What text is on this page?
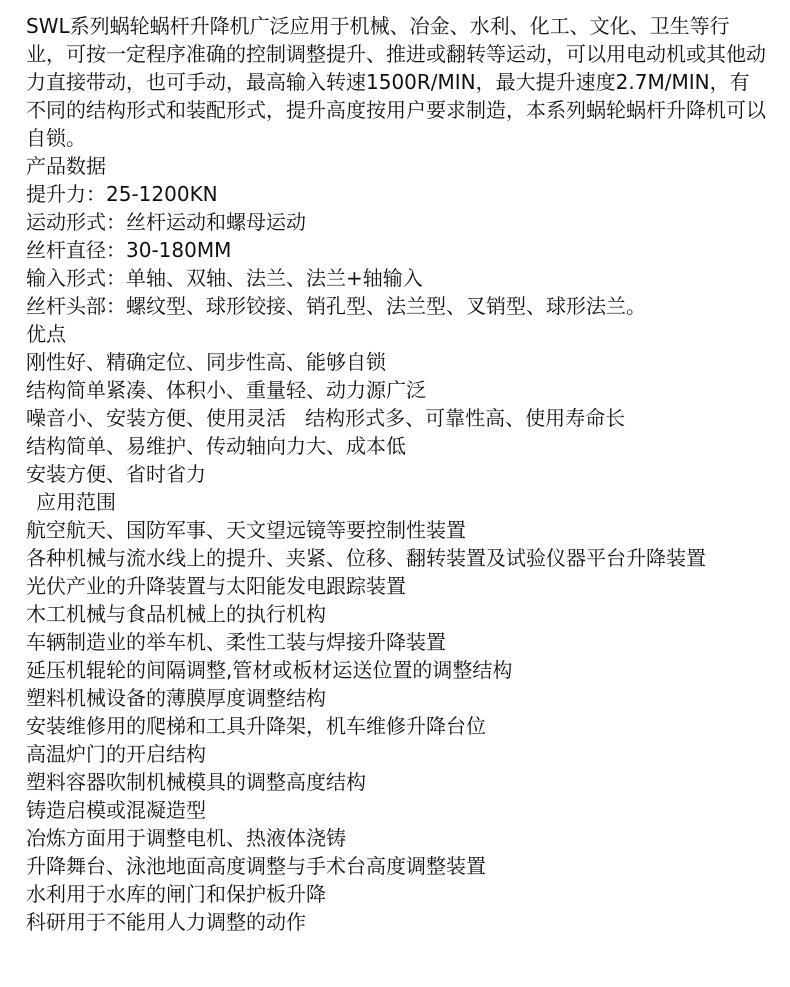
SWL系列蜗轮蜗杆升降机广泛应用于机械、冶金、水利、化工、文化、卫生等行业，可按一定程序准确的控制调整提升、推进或翻转等运动，可以用电动机或其他动力直接带动，也可手动，最高输入转速1500R/MIN，最大提升速度2.7M/MIN，有不同的结构形式和装配形式，提升高度按用户要求制造，本系列蜗轮蜗杆升降机可以自锁。
产品数据
提升力：25-1200KN
运动形式：丝杆运动和螺母运动
丝杆直径：30-180MM
输入形式：单轴、双轴、法兰、法兰+轴输入
丝杆头部：螺纹型、球形铰接、销孔型、法兰型、叉销型、球形法兰。
优点
刚性好、精确定位、同步性高、能够自锁
结构简单紧凑、体积小、重量轻、动力源广泛
噪音小、安装方便、使用灵活   结构形式多、可靠性高、使用寿命长
结构简单、易维护、传动轴向力大、成本低
安装方便、省时省力
应用范围
航空航天、国防军事、天文望远镜等要控制性装置
各种机械与流水线上的提升、夹紧、位移、翻转装置及试验仪器平台升降装置
光伏产业的升降装置与太阳能发电跟踪装置
木工机械与食品机械上的执行机构
车辆制造业的举车机、柔性工装与焊接升降装置
延压机辊轮的间隔调整,管材或板材运送位置的调整结构
塑料机械设备的薄膜厚度调整结构
安装维修用的爬梯和工具升降架，机车维修升降台位
高温炉门的开启结构
塑料容器吹制机械模具的调整高度结构
铸造启模或混凝造型
冶炼方面用于调整电机、热液体浇铸
升降舞台、泳池地面高度调整与手术台高度调整装置
水利用于水库的闸门和保护板升降
科研用于不能用人力调整的动作
